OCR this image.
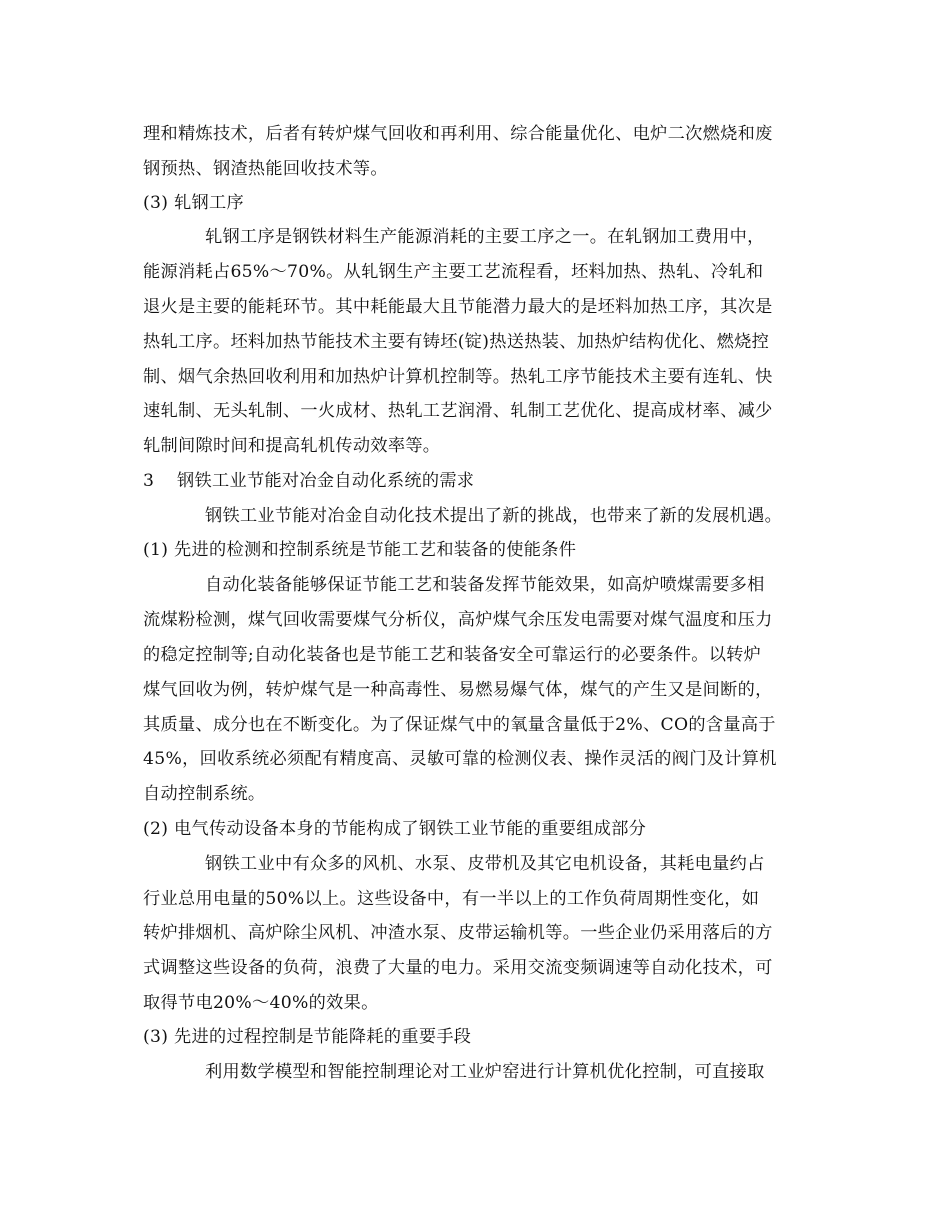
理和精炼技术，后者有转炉煤气回收和再利用、综合能量优化、电炉二次燃烧和废
钢预热、钢渣热能回收技术等。
(3) 轧钢工序
轧钢工序是钢铁材料生产能源消耗的主要工序之一。在轧钢加工费用中，
能源消耗占65%～70%。从轧钢生产主要工艺流程看，坯料加热、热轧、冷轧和
退火是主要的能耗环节。其中耗能最大且节能潜力最大的是坯料加热工序，其次是
热轧工序。坯料加热节能技术主要有铸坯(锭)热送热装、加热炉结构优化、燃烧控
制、烟气余热回收利用和加热炉计算机控制等。热轧工序节能技术主要有连轧、快
速轧制、无头轧制、一火成材、热轧工艺润滑、轧制工艺优化、提高成材率、减少
轧制间隙时间和提高轧机传动效率等。
3 钢铁工业节能对冶金自动化系统的需求
钢铁工业节能对冶金自动化技术提出了新的挑战，也带来了新的发展机遇。
(1) 先进的检测和控制系统是节能工艺和装备的使能条件
自动化装备能够保证节能工艺和装备发挥节能效果，如高炉喷煤需要多相
流煤粉检测，煤气回收需要煤气分析仪，高炉煤气余压发电需要对煤气温度和压力
的稳定控制等;自动化装备也是节能工艺和装备安全可靠运行的必要条件。以转炉
煤气回收为例，转炉煤气是一种高毒性、易燃易爆气体，煤气的产生又是间断的，
其质量、成分也在不断变化。为了保证煤气中的氧量含量低于2%、CO的含量高于
45%，回收系统必须配有精度高、灵敏可靠的检测仪表、操作灵活的阀门及计算机
自动控制系统。
(2) 电气传动设备本身的节能构成了钢铁工业节能的重要组成部分
钢铁工业中有众多的风机、水泵、皮带机及其它电机设备，其耗电量约占
行业总用电量的50%以上。这些设备中，有一半以上的工作负荷周期性变化，如
转炉排烟机、高炉除尘风机、冲渣水泵、皮带运输机等。一些企业仍采用落后的方
式调整这些设备的负荷，浪费了大量的电力。采用交流变频调速等自动化技术，可
取得节电20%～40%的效果。
(3) 先进的过程控制是节能降耗的重要手段
利用数学模型和智能控制理论对工业炉窑进行计算机优化控制，可直接取
